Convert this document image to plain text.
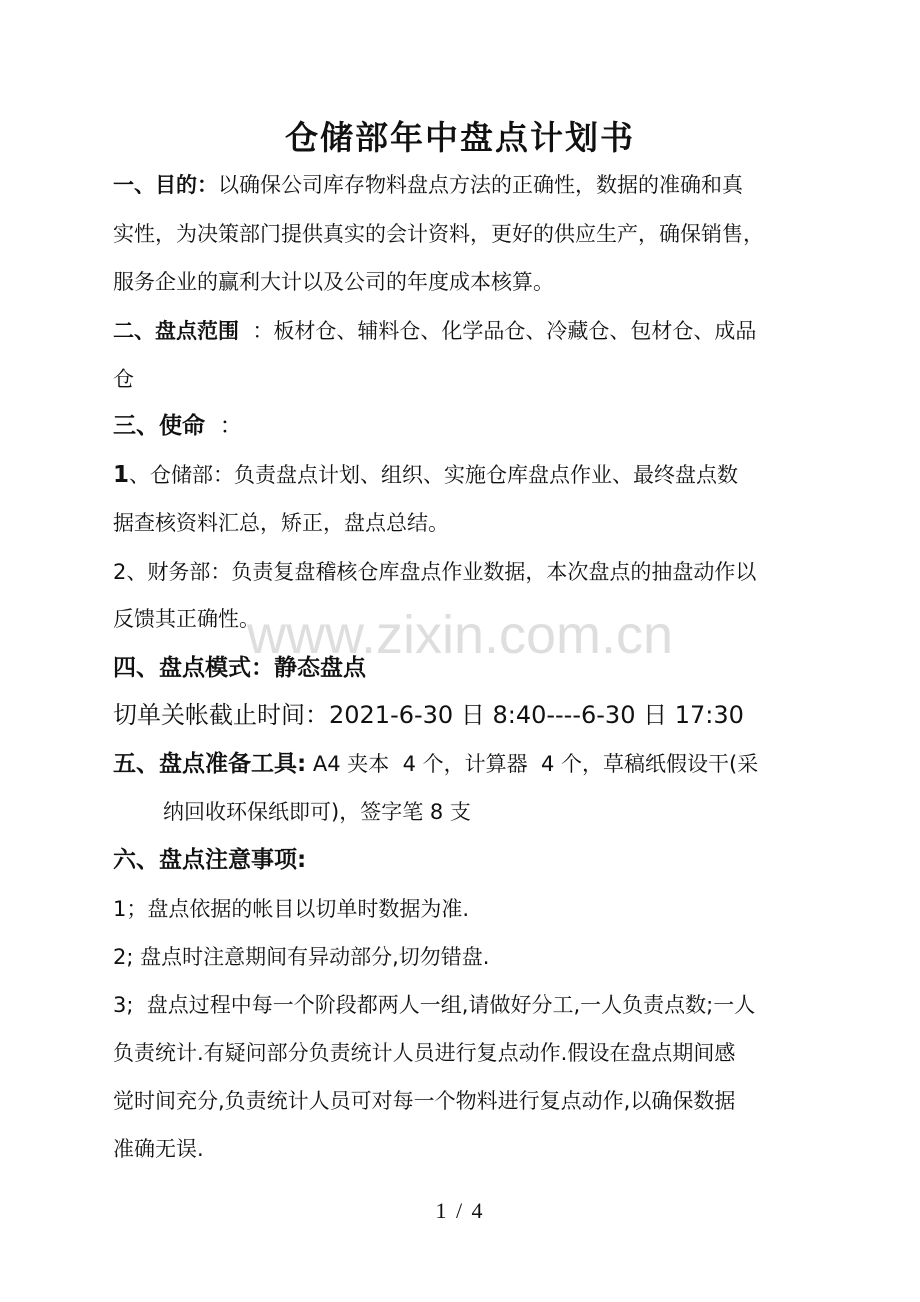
仓储部年中盘点计划书
一、目的：以确保公司库存物料盘点方法的正确性，数据的准确和真
实性，为决策部门提供真实的会计资料，更好的供应生产，确保销售，
服务企业的赢利大计以及公司的年度成本核算。
二、盘点范围  ：板材仓、辅料仓、化学品仓、冷藏仓、包材仓、成品
仓
三、使命  ：
1、仓储部：负责盘点计划、组织、实施仓库盘点作业、最终盘点数
据查核资料汇总，矫正，盘点总结。
2、财务部：负责复盘稽核仓库盘点作业数据，本次盘点的抽盘动作以
反馈其正确性。
四、盘点模式：静态盘点
切单关帐截止时间：2021-6-30 日 8:40----6-30 日 17:30
五、盘点准备工具: A4 夹本  4 个，计算器  4 个，草稿纸假设干(采
纳回收环保纸即可)，签字笔 8 支
六、盘点注意事项:
1；盘点依据的帐目以切单时数据为准.
2; 盘点时注意期间有异动部分,切勿错盘.
3;  盘点过程中每一个阶段都两人一组,请做好分工,一人负责点数;一人
负责统计.有疑问部分负责统计人员进行复点动作.假设在盘点期间感
觉时间充分,负责统计人员可对每一个物料进行复点动作,以确保数据
准确无误.
www.zixin.com.cn
1 / 4
